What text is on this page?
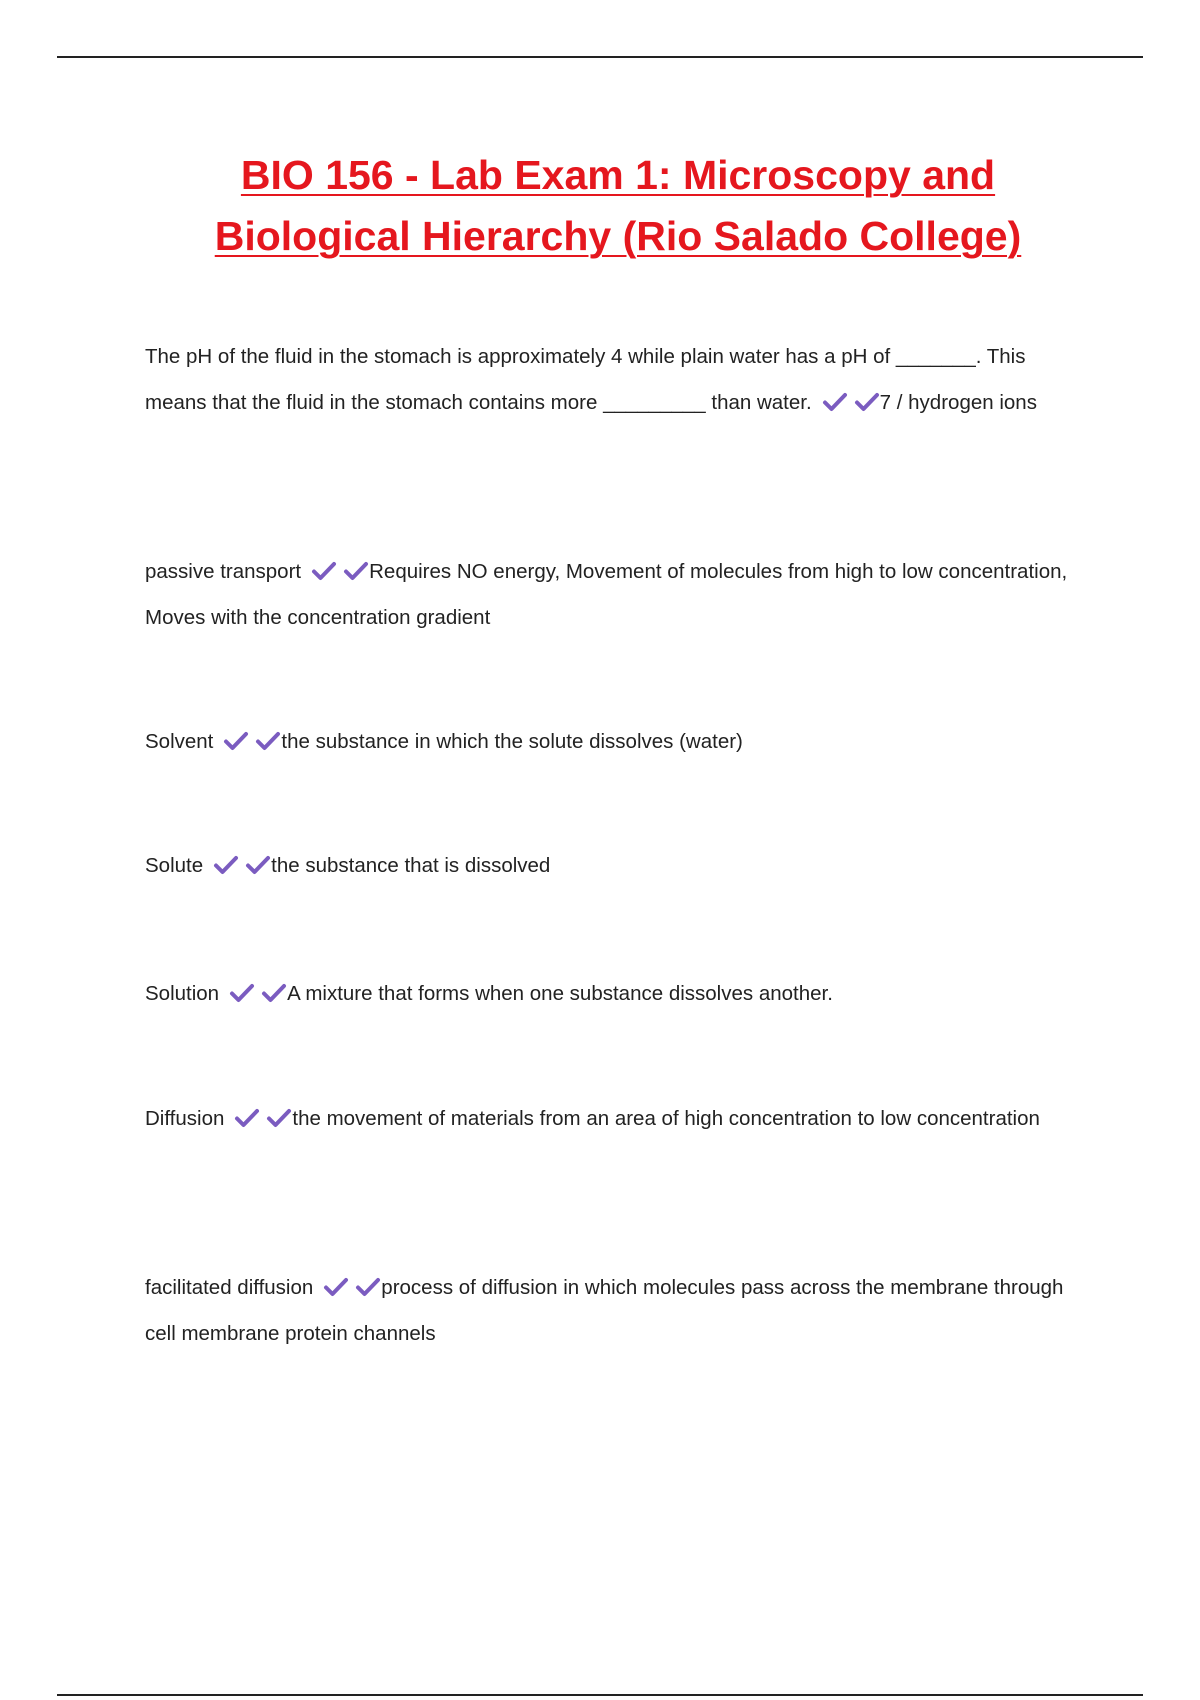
BIO 156 - Lab Exam 1: Microscopy and
Biological Hierarchy (Rio Salado College)
The pH of the fluid in the stomach is approximately 4 while plain water has a pH of _______. This means that the fluid in the stomach contains more _________ than water.	7 / hydrogen ions
passive transport	Requires NO energy, Movement of molecules from high to low concentration, Moves with the concentration gradient
Solvent	the substance in which the solute dissolves (water)
Solute	the substance that is dissolved
Solution	A mixture that forms when one substance dissolves another.
Diffusion	the movement of materials from an area of high concentration to low concentration
facilitated diffusion	process of diffusion in which molecules pass across the membrane through cell membrane protein channels
